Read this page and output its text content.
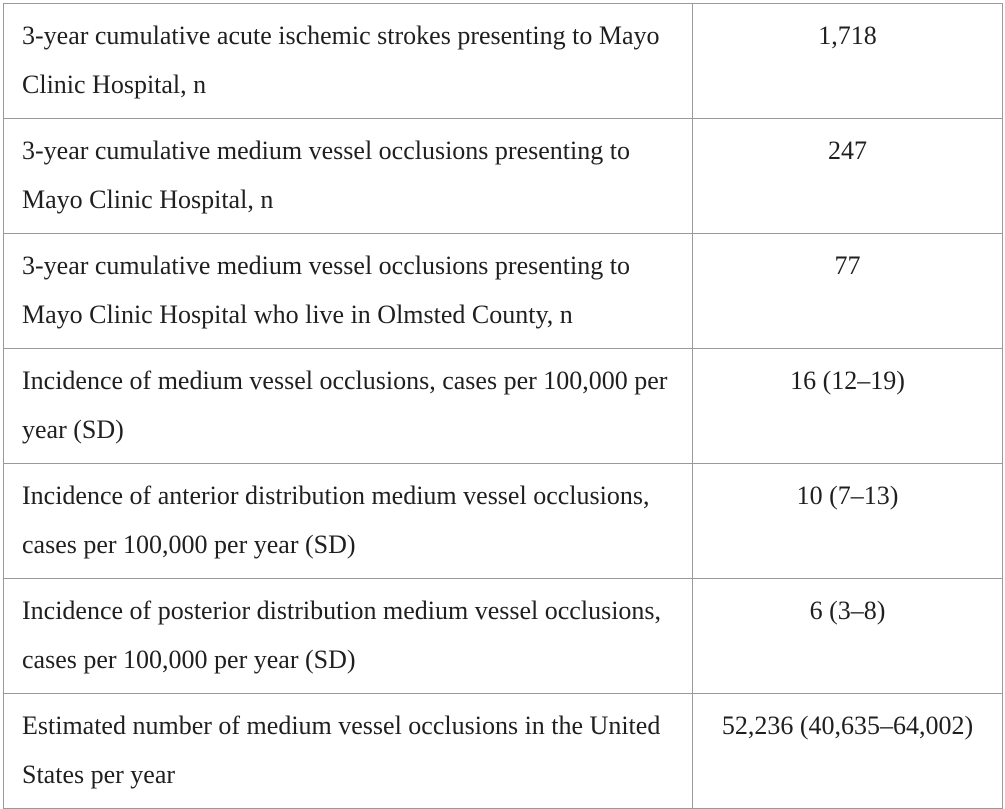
3-year cumulative acute ischemic strokes presenting to Mayo Clinic Hospital, n	1,718
3-year cumulative medium vessel occlusions presenting to Mayo Clinic Hospital, n	247
3-year cumulative medium vessel occlusions presenting to Mayo Clinic Hospital who live in Olmsted County, n	77
Incidence of medium vessel occlusions, cases per 100,000 per year (SD)	16 (12–19)
Incidence of anterior distribution medium vessel occlusions, cases per 100,000 per year (SD)	10 (7–13)
Incidence of posterior distribution medium vessel occlusions, cases per 100,000 per year (SD)	6 (3–8)
Estimated number of medium vessel occlusions in the United States per year	52,236 (40,635–64,002)
